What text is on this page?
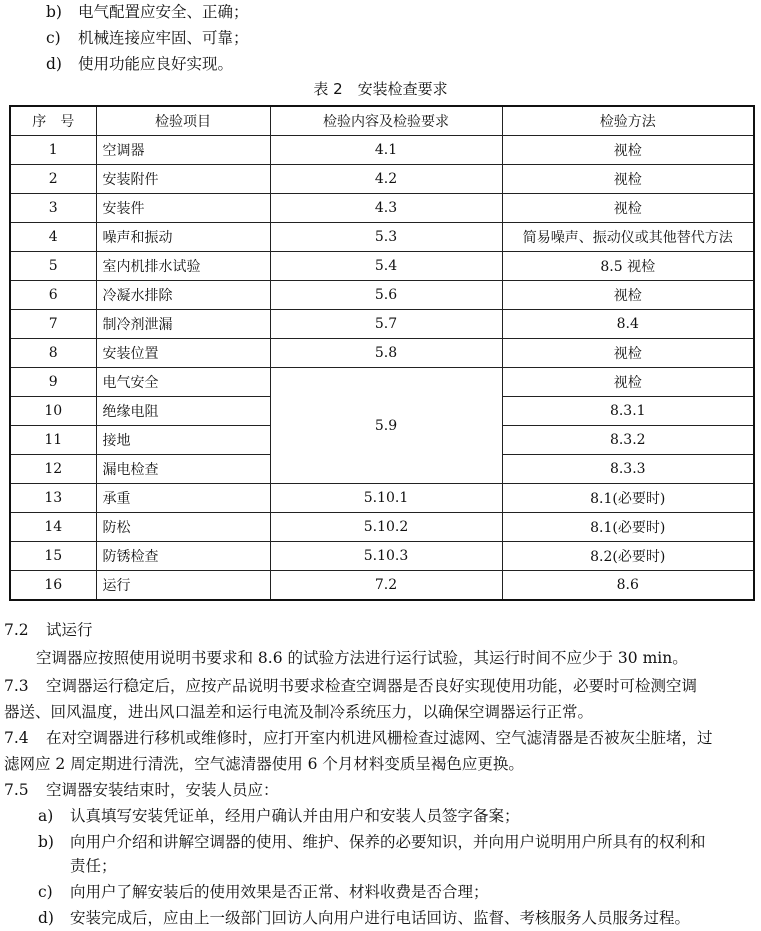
b) 电气配置应安全、正确；
c) 机械连接应牢固、可靠；
d) 使用功能应良好实现。
表 2　安装检查要求
序　号	检验项目	检验内容及检验要求	检验方法
1	空调器	4.1	视检
2	安装附件	4.2	视检
3	安装件	4.3	视检
4	噪声和振动	5.3	简易噪声、振动仪或其他替代方法
5	室内机排水试验	5.4	8.5 视检
6	冷凝水排除	5.6	视检
7	制冷剂泄漏	5.7	8.4
8	安装位置	5.8	视检
9	电气安全	5.9	视检
10	绝缘电阻		8.3.1
11	接地		8.3.2
12	漏电检查		8.3.3
13	承重	5.10.1	8.1(必要时)
14	防松	5.10.2	8.1(必要时)
15	防锈检查	5.10.3	8.2(必要时)
16	运行	7.2	8.6
7.2 试运行
空调器应按照使用说明书要求和 8.6 的试验方法进行运行试验，其运行时间不应少于 30 min。
7.3 空调器运行稳定后，应按产品说明书要求检查空调器是否良好实现使用功能，必要时可检测空调
器送、回风温度，进出风口温差和运行电流及制冷系统压力，以确保空调器运行正常。
7.4 在对空调器进行移机或维修时，应打开室内机进风栅检查过滤网、空气滤清器是否被灰尘脏堵，过
滤网应 2 周定期进行清洗，空气滤清器使用 6 个月材料变质呈褐色应更换。
7.5 空调器安装结束时，安装人员应：
a) 认真填写安装凭证单，经用户确认并由用户和安装人员签字备案；
b) 向用户介绍和讲解空调器的使用、维护、保养的必要知识，并向用户说明用户所具有的权利和
责任；
c) 向用户了解安装后的使用效果是否正常、材料收费是否合理；
d) 安装完成后，应由上一级部门回访人向用户进行电话回访、监督、考核服务人员服务过程。
